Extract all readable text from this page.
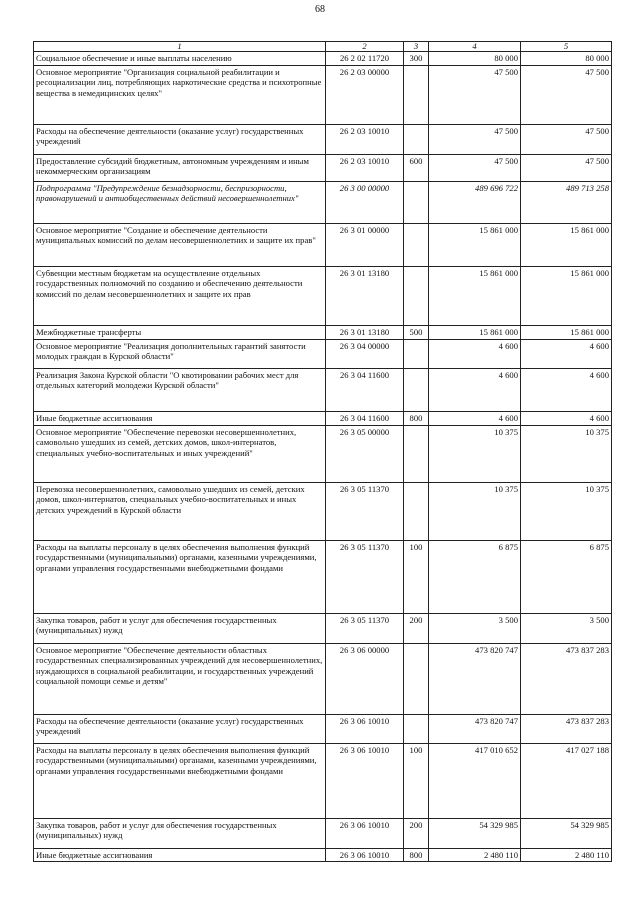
68
1	2	3	4	5
Социальное обеспечение и иные выплаты населению	26 2 02 11720	300	80 000	80 000
Основное мероприятие "Организация социальной реабилитации и ресоциализации лиц, потребляющих наркотические средства и психотропные вещества в немедицинских целях"	26 2 03 00000		47 500	47 500
Расходы на обеспечение деятельности (оказание услуг) государственных учреждений	26 2 03 10010		47 500	47 500
Предоставление субсидий бюджетным, автономным учреждениям и иным некоммерческим организациям	26 2 03 10010	600	47 500	47 500
Подпрограмма "Предупреждение безнадзорности, беспризорности, правонарушений и антиобщественных действий несовершеннолетних"	26 3 00 00000		489 696 722	489 713 258
Основное мероприятие "Создание и обеспечение деятельности муниципальных комиссий по делам несовершеннолетних и защите их прав"	26 3 01 00000		15 861 000	15 861 000
Субвенции местным бюджетам на осуществление отдельных государственных полномочий по созданию и обеспечению деятельности комиссий по делам несовершеннолетних и защите их прав	26 3 01 13180		15 861 000	15 861 000
Межбюджетные трансферты	26 3 01 13180	500	15 861 000	15 861 000
Основное мероприятие "Реализация дополнительных гарантий занятости молодых граждан в Курской области"	26 3 04 00000		4 600	4 600
Реализация Закона Курской области "О квотировании рабочих мест для отдельных категорий молодежи Курской области"	26 3 04 11600		4 600	4 600
Иные бюджетные ассигнования	26 3 04 11600	800	4 600	4 600
Основное мероприятие "Обеспечение перевозки несовершеннолетних, самовольно ушедших из семей, детских домов, школ-интернатов, специальных учебно-воспитательных и иных учреждений"	26 3 05 00000		10 375	10 375
Перевозка несовершеннолетних, самовольно ушедших из семей, детских домов, школ-интернатов, специальных учебно-воспитательных и иных детских учреждений в Курской области	26 3 05 11370		10 375	10 375
Расходы на выплаты персоналу в целях обеспечения выполнения функций государственными (муниципальными) органами, казенными учреждениями, органами управления государственными внебюджетными фондами	26 3 05 11370	100	6 875	6 875
Закупка товаров, работ и услуг для обеспечения государственных (муниципальных) нужд	26 3 05 11370	200	3 500	3 500
Основное мероприятие "Обеспечение деятельности областных государственных специализированных учреждений для несовершеннолетних, нуждающихся в социальной реабилитации, и государственных учреждений социальной помощи семье и детям"	26 3 06 00000		473 820 747	473 837 283
Расходы на обеспечение деятельности (оказание услуг) государственных учреждений	26 3 06 10010		473 820 747	473 837 283
Расходы на выплаты персоналу в целях обеспечения выполнения функций государственными (муниципальными) органами, казенными учреждениями, органами управления государственными внебюджетными фондами	26 3 06 10010	100	417 010 652	417 027 188
Закупка товаров, работ и услуг для обеспечения государственных (муниципальных) нужд	26 3 06 10010	200	54 329 985	54 329 985
Иные бюджетные ассигнования	26 3 06 10010	800	2 480 110	2 480 110
